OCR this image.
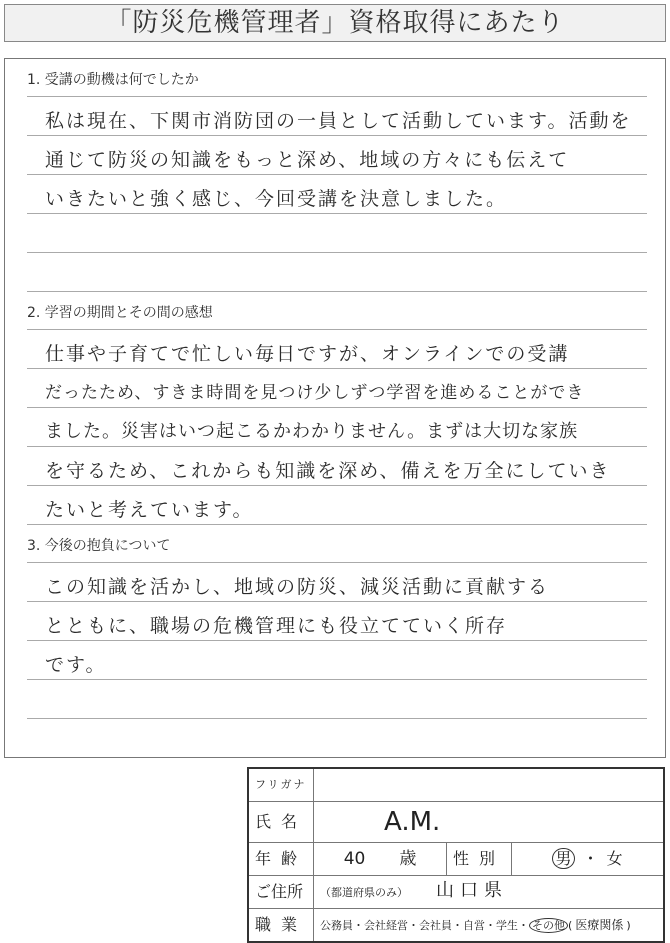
「防災危機管理者」資格取得にあたり
1. 受講の動機は何でしたか
私は現在、下関市消防団の一員として活動しています。活動を
通じて防災の知識をもっと深め、地域の方々にも伝えて
いきたいと強く感じ、今回受講を決意しました。
2. 学習の期間とその間の感想
仕事や子育てで忙しい毎日ですが、オンラインでの受講
だったため、すきま時間を見つけ少しずつ学習を進めることができ
ました。災害はいつ起こるかわかりません。まずは大切な家族
を守るため、これからも知識を深め、備えを万全にしていき
たいと考えています。
3. 今後の抱負について
この知識を活かし、地域の防災、減災活動に貢献する
とともに、職場の危機管理にも役立てていく所存
です。
フリガナ			
氏名	A.M.		
年齢	40   歳	性別	男  ・  女
ご住所	（都道府県のみ）   山口県		
職業	公務員・会社経営・会社員・自営・学生・ その他 ( 医療関係 )		
